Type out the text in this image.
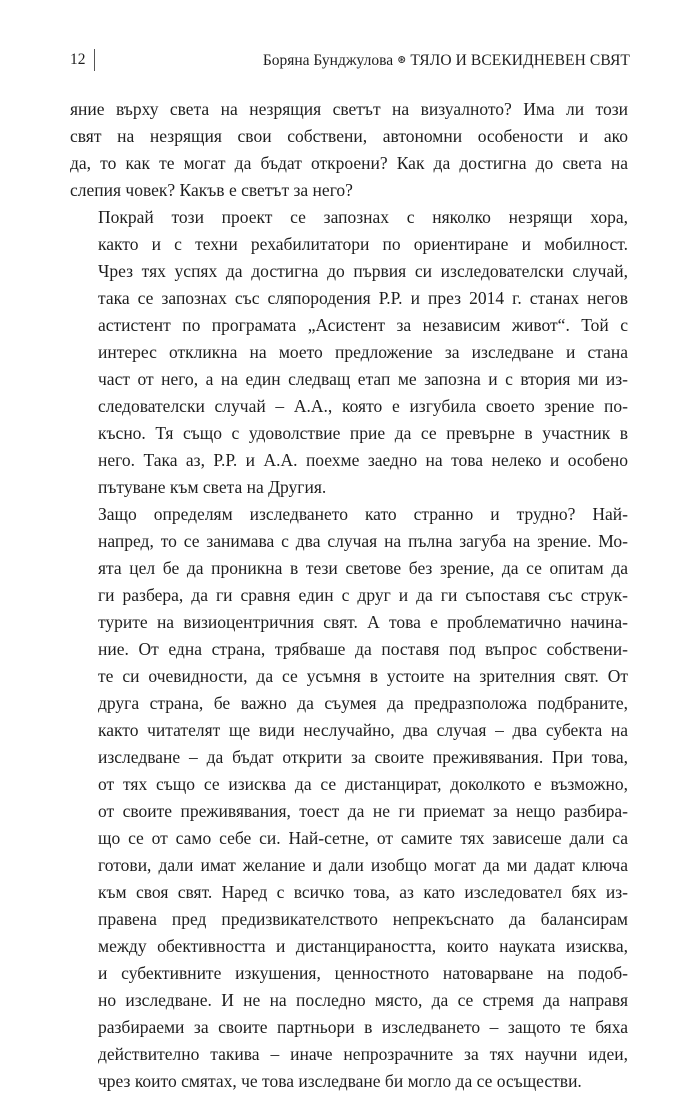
12	Боряна Бунджулова ⊛ ТЯЛО И ВСЕКИДНЕВЕН СВЯТ

яние върху света на незрящия светът на визуалното? Има ли този
свят на незрящия свои собствени, автономни особености и ако
да, то как те могат да бъдат откроени? Как да достигна до света на
слепия човек? Какъв е светът за него?

Покрай този проект се запознах с няколко незрящи хора,
както и с техни рехабилитатори по ориентиране и мобилност.
Чрез тях успях да достигна до първия си изследователски случай,
така се запознах със сляпородения Р.Р. и през 2014 г. станах негов
астистент по програмата „Асистент за независим живот“. Той с
интерес откликна на моето предложение за изследване и стана
част от него, а на един следващ етап ме запозна и с втория ми из-
следователски случай – А.А., която е изгубила своето зрение по-
късно. Тя също с удоволствие прие да се превърне в участник в
него. Така аз, Р.Р. и А.А. поехме заедно на това нелеко и особено
пътуване към света на Другия.

Защо определям изследването като странно и трудно? Най-
напред, то се занимава с два случая на пълна загуба на зрение. Мо-
ята цел бе да проникна в тези светове без зрение, да се опитам да
ги разбера, да ги сравня един с друг и да ги съпоставя със струк-
турите на визиоцентричния свят. А това е проблематично начина-
ние. От една страна, трябваше да поставя под въпрос собствени-
те си очевидности, да се усъмня в устоите на зрителния свят. От
друга страна, бе важно да съумея да предразположа подбраните,
както читателят ще види неслучайно, два случая – два субекта на
изследване – да бъдат открити за своите преживявания. При това,
от тях също се изисква да се дистанцират, доколкото е възможно,
от своите преживявания, тоест да не ги приемат за нещо разбира-
що се от само себе си. Най-сетне, от самите тях зависеше дали са
готови, дали имат желание и дали изобщо могат да ми дадат ключа
към своя свят. Наред с всичко това, аз като изследовател бях из-
правена пред предизвикателството непрекъснато да балансирам
между обективността и дистанцираността, които науката изисква,
и субективните изкушения, ценностното натоварване на подоб-
но изследване. И не на последно място, да се стремя да направя
разбираеми за своите партньори в изследването – защото те бяха
действително такива – иначе непрозрачните за тях научни идеи,
чрез които смятах, че това изследване би могло да се осъществи.
